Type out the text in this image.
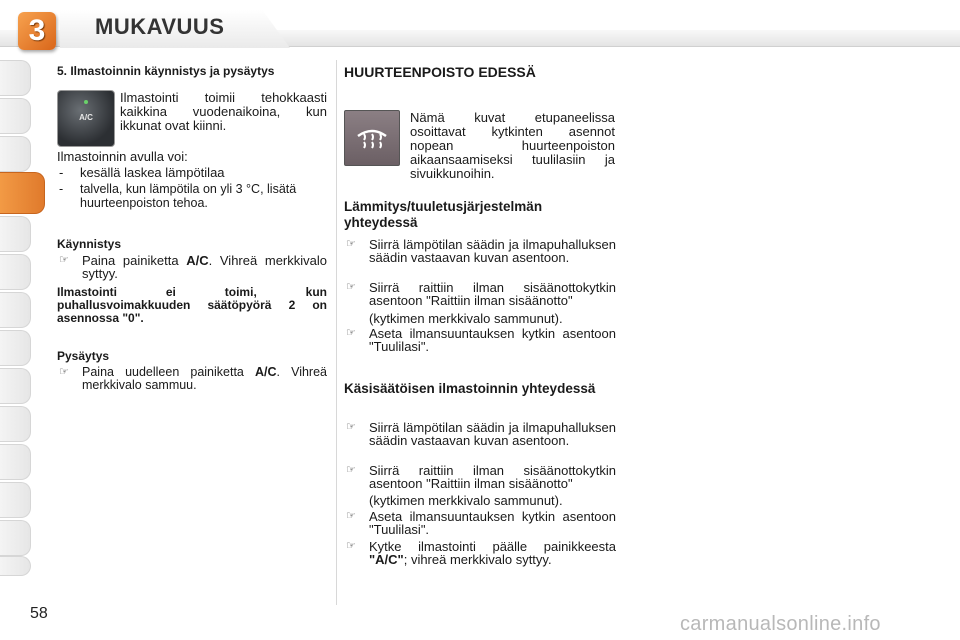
3	MUKAVUUS
5. Ilmastoinnin käynnistys ja pysäytys
A/C
Ilmastointi toimii tehokkaasti kaikkina vuodenaikoina, kun ikkunat ovat kiinni.
Ilmastoinnin avulla voi:
- kesällä laskea lämpötilaa
- talvella, kun lämpötila on yli 3 °C, lisätä huurteenpoiston tehoa.
Käynnistys
☞ Paina painiketta A/C. Vihreä merkkivalo syttyy.
Ilmastointi ei toimi, kun puhallusvoimakkuuden säätöpyörä 2 on asennossa "0".
Pysäytys
☞ Paina uudelleen painiketta A/C. Vihreä merkkivalo sammuu.
HUURTEENPOISTO EDESSÄ
Nämä kuvat etupaneelissa osoittavat kytkinten asennot nopean huurteenpoiston aikaansaamiseksi tuulilasiin ja sivuikkunoihin.
Lämmitys/tuuletusjärjestelmän yhteydessä
☞ Siirrä lämpötilan säädin ja ilmapuhalluksen säädin vastaavan kuvan asentoon.
☞ Siirrä raittiin ilman sisäänottokytkin asentoon "Raittiin ilman sisäänotto"
(kytkimen merkkivalo sammunut).
☞ Aseta ilmansuuntauksen kytkin asentoon "Tuulilasi".
Käsisäätöisen ilmastoinnin yhteydessä
☞ Siirrä lämpötilan säädin ja ilmapuhalluksen säädin vastaavan kuvan asentoon.
☞ Siirrä raittiin ilman sisäänottokytkin asentoon "Raittiin ilman sisäänotto"
(kytkimen merkkivalo sammunut).
☞ Aseta ilmansuuntauksen kytkin asentoon "Tuulilasi".
☞ Kytke ilmastointi päälle painikkeesta "A/C"; vihreä merkkivalo syttyy.
58	carmanualsonline.info
